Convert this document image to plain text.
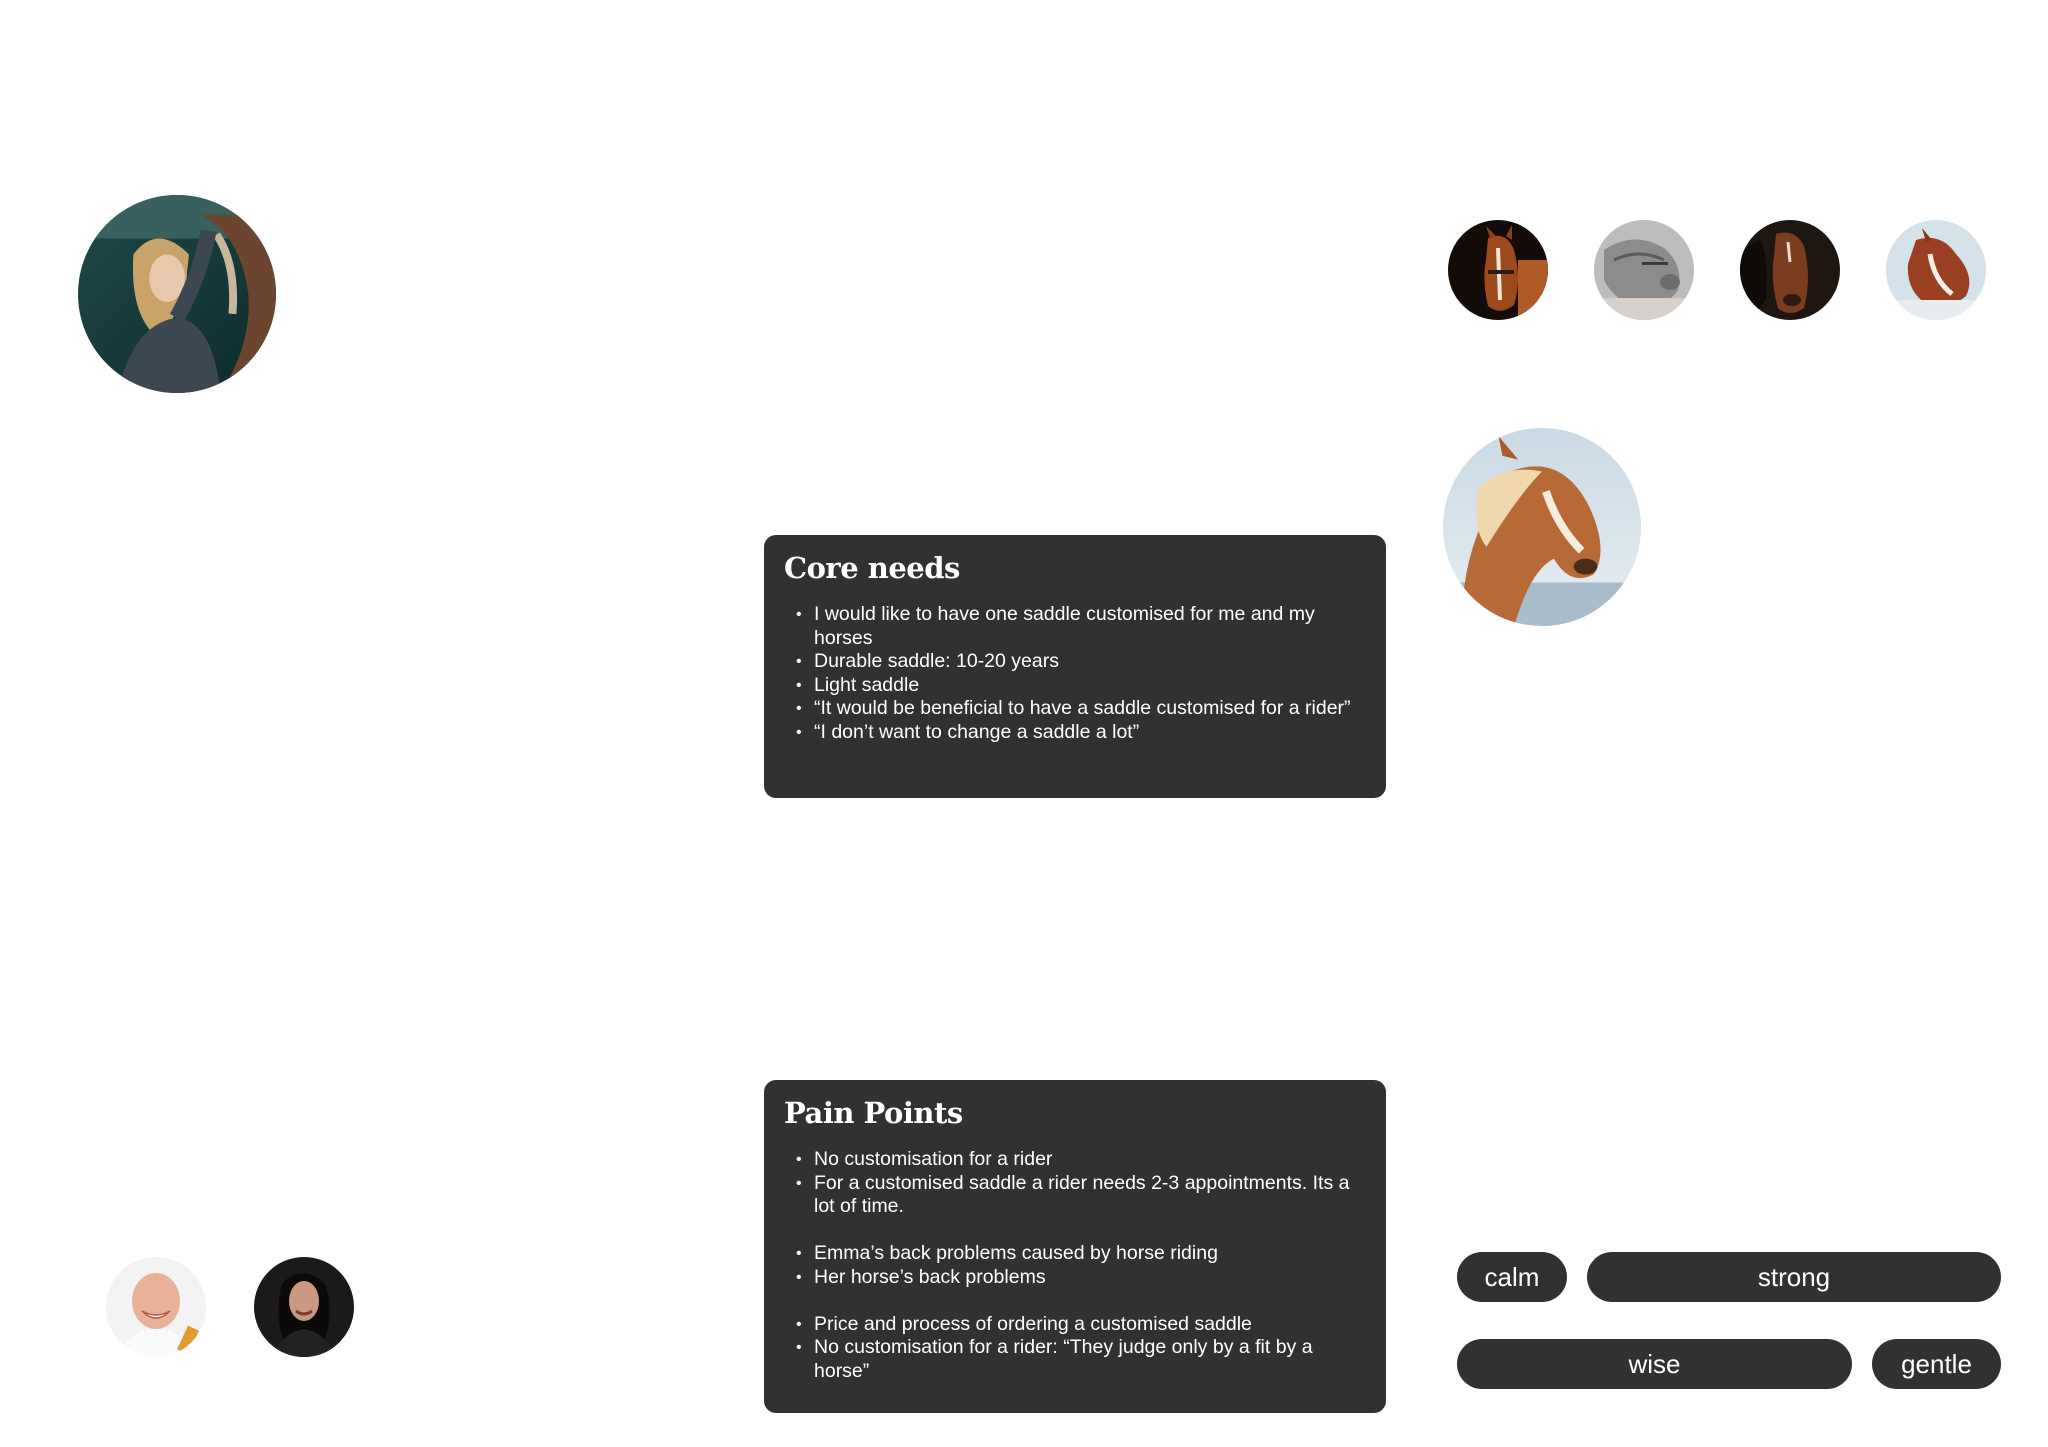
Core needs
• I would like to have one saddle customised for me and my horses
• Durable saddle: 10-20 years
• Light saddle
• “It would be beneficial to have a saddle customised for a rider”
• “I don’t want to change a saddle a lot”
Pain Points
• No customisation for a rider
• For a customised saddle a rider needs 2-3 appointments. Its a lot of time.
• Emma’s back problems caused by horse riding
• Her horse’s back problems
• Price and process of ordering a customised saddle
• No customisation for a rider: “They judge only by a fit by a horse”
calm	strong
wise	gentle
